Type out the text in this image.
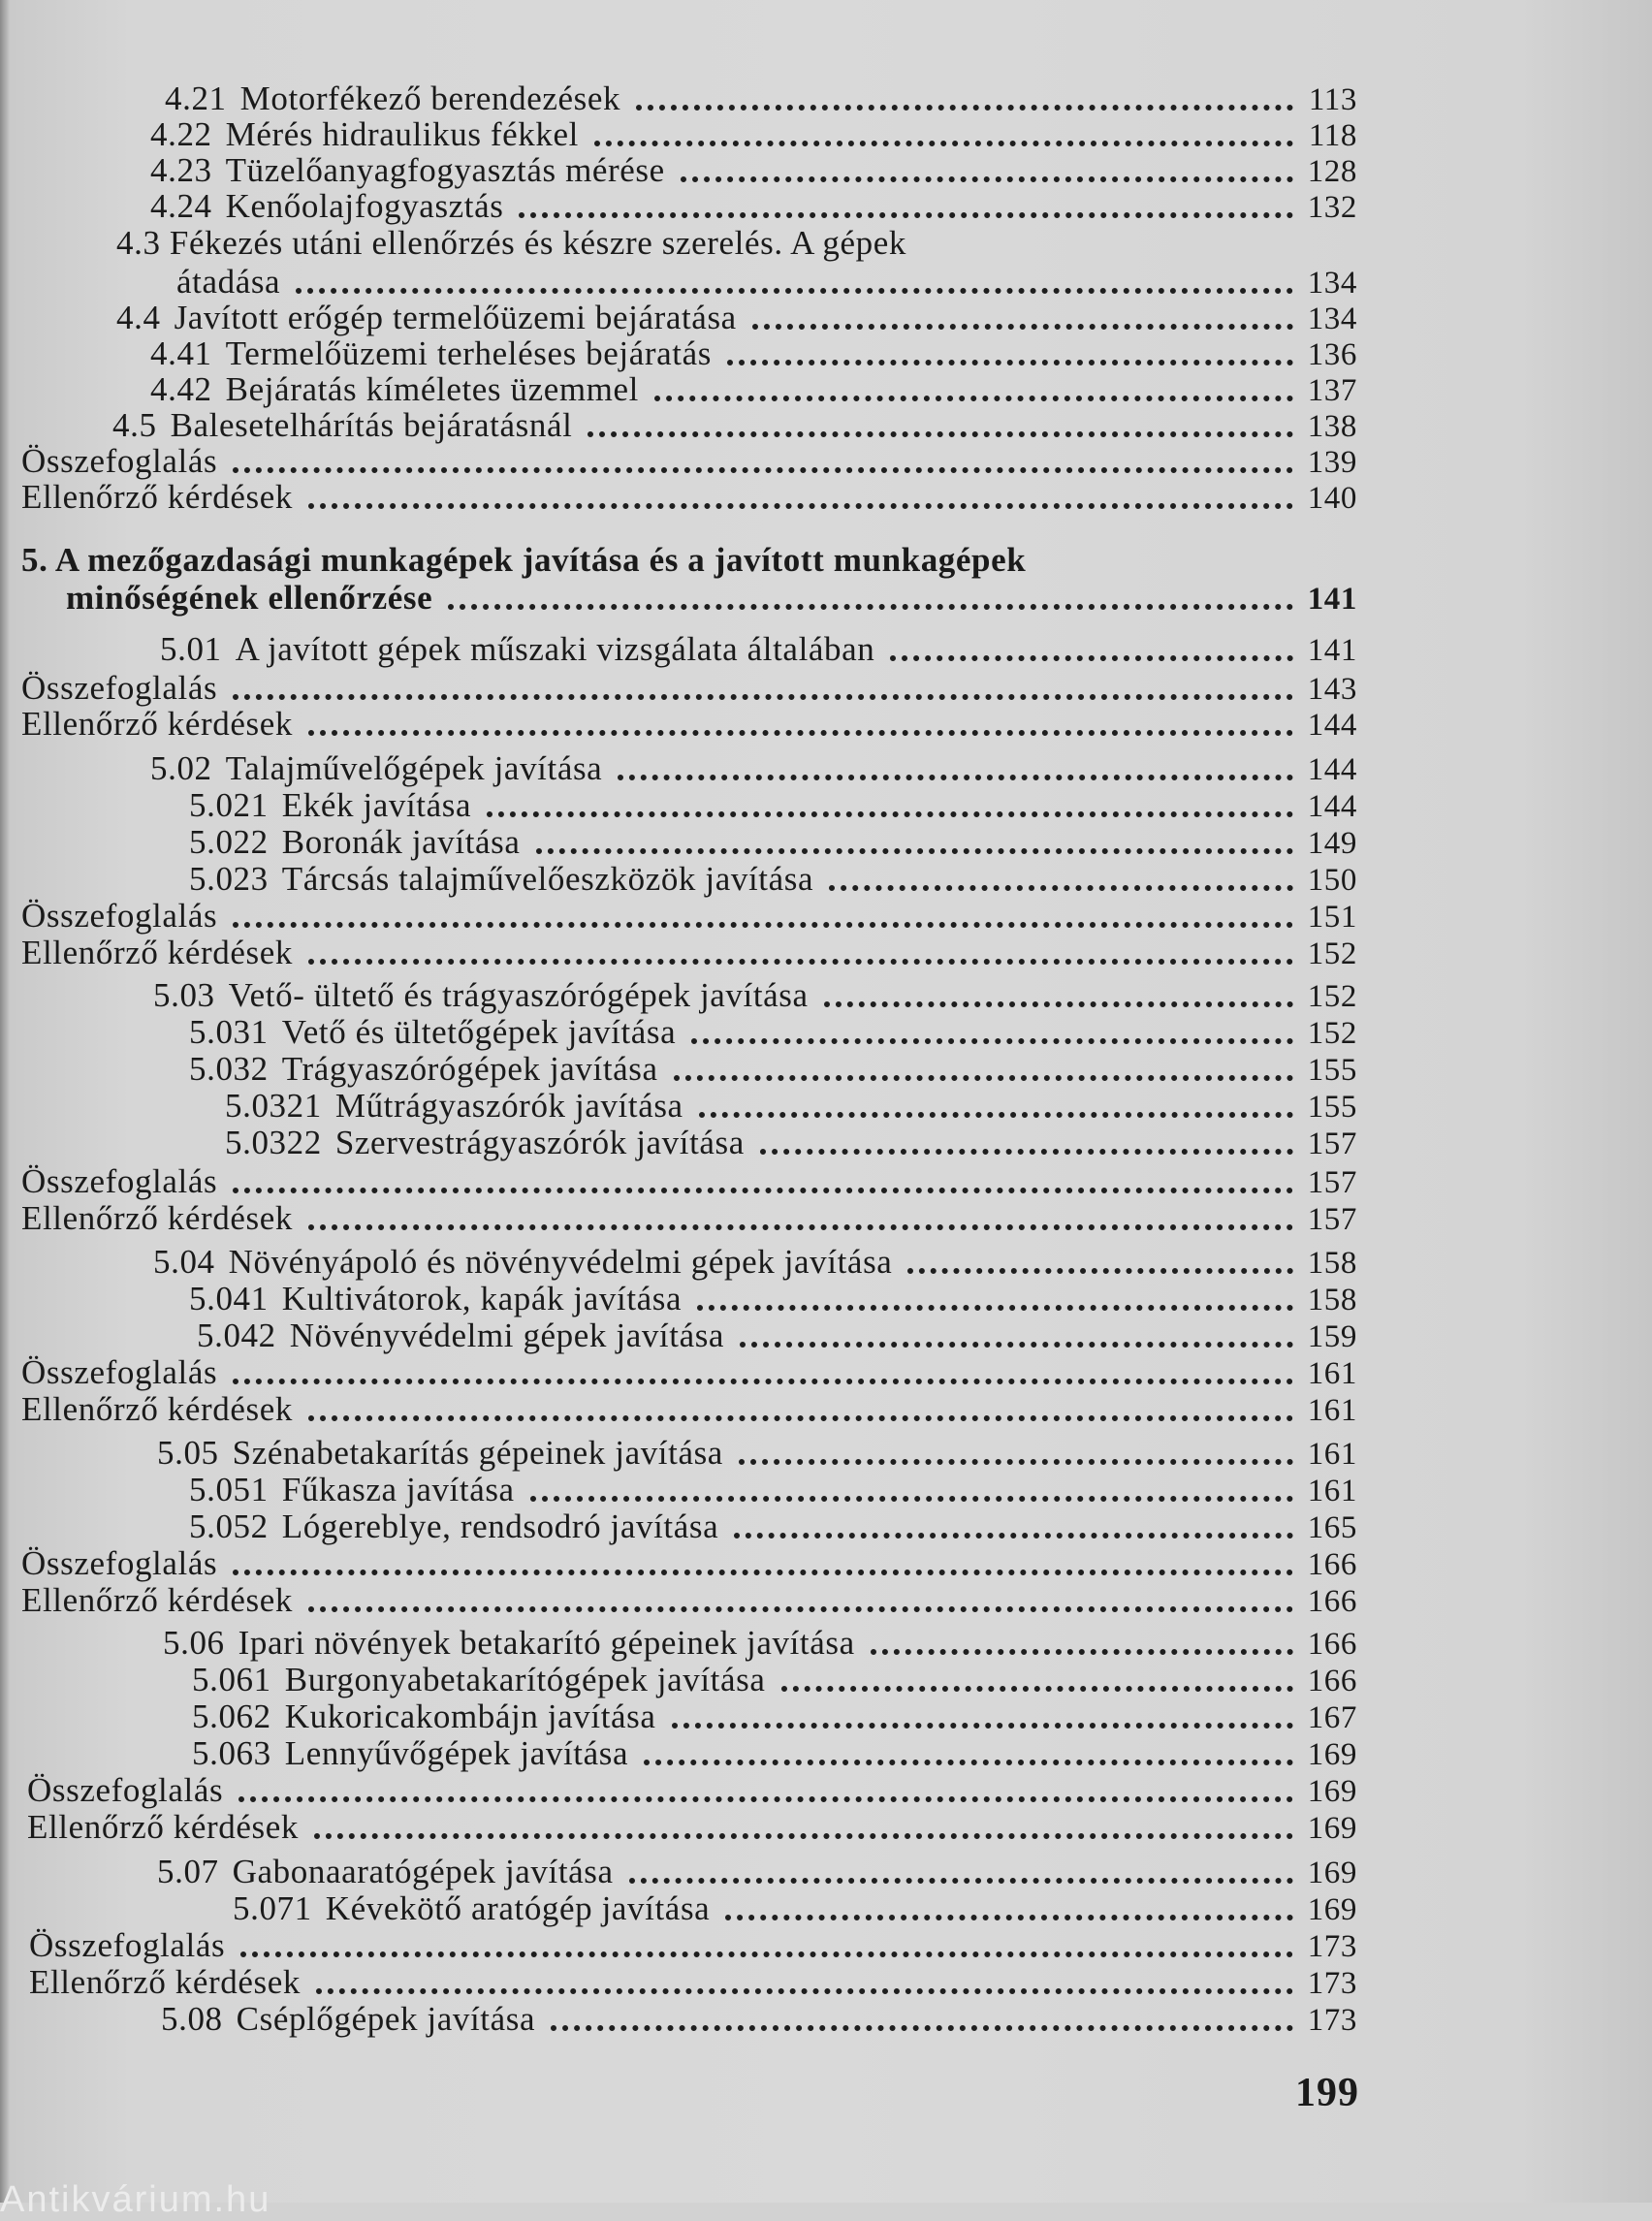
4.21 Motorfékező berendezések	113
4.22 Mérés hidraulikus fékkel	118
4.23 Tüzelőanyagfogyasztás mérése	128
4.24 Kenőolajfogyasztás	132
4.3 Fékezés utáni ellenőrzés és készre szerelés. A gépek
átadása	134
4.4 Javított erőgép termelőüzemi bejáratása	134
4.41 Termelőüzemi terheléses bejáratás	136
4.42 Bejáratás kíméletes üzemmel	137
4.5 Balesetelhárítás bejáratásnál	138
Összefoglalás	139
Ellenőrző kérdések	140
5. A mezőgazdasági munkagépek javítása és a javított munkagépek
minőségének ellenőrzése	141
5.01 A javított gépek műszaki vizsgálata általában	141
Összefoglalás	143
Ellenőrző kérdések	144
5.02 Talajművelőgépek javítása	144
5.021 Ekék javítása	144
5.022 Boronák javítása	149
5.023 Tárcsás talajművelőeszközök javítása	150
Összefoglalás	151
Ellenőrző kérdések	152
5.03 Vető- ültető és trágyaszórógépek javítása	152
5.031 Vető és ültetőgépek javítása	152
5.032 Trágyaszórógépek javítása	155
5.0321 Műtrágyaszórók javítása	155
5.0322 Szervestrágyaszórók javítása	157
Összefoglalás	157
Ellenőrző kérdések	157
5.04 Növényápoló és növényvédelmi gépek javítása	158
5.041 Kultivátorok, kapák javítása	158
5.042 Növényvédelmi gépek javítása	159
Összefoglalás	161
Ellenőrző kérdések	161
5.05 Szénabetakarítás gépeinek javítása	161
5.051 Fűkasza javítása	161
5.052 Lógereblye, rendsodró javítása	165
Összefoglalás	166
Ellenőrző kérdések	166
5.06 Ipari növények betakarító gépeinek javítása	166
5.061 Burgonyabetakarítógépek javítása	166
5.062 Kukoricakombájn javítása	167
5.063 Lennyűvőgépek javítása	169
Összefoglalás	169
Ellenőrző kérdések	169
5.07 Gabonaaratógépek javítása	169
5.071 Kévekötő aratógép javítása	169
Összefoglalás	173
Ellenőrző kérdések	173
5.08 Cséplőgépek javítása	173
199
Antikvárium.hu
